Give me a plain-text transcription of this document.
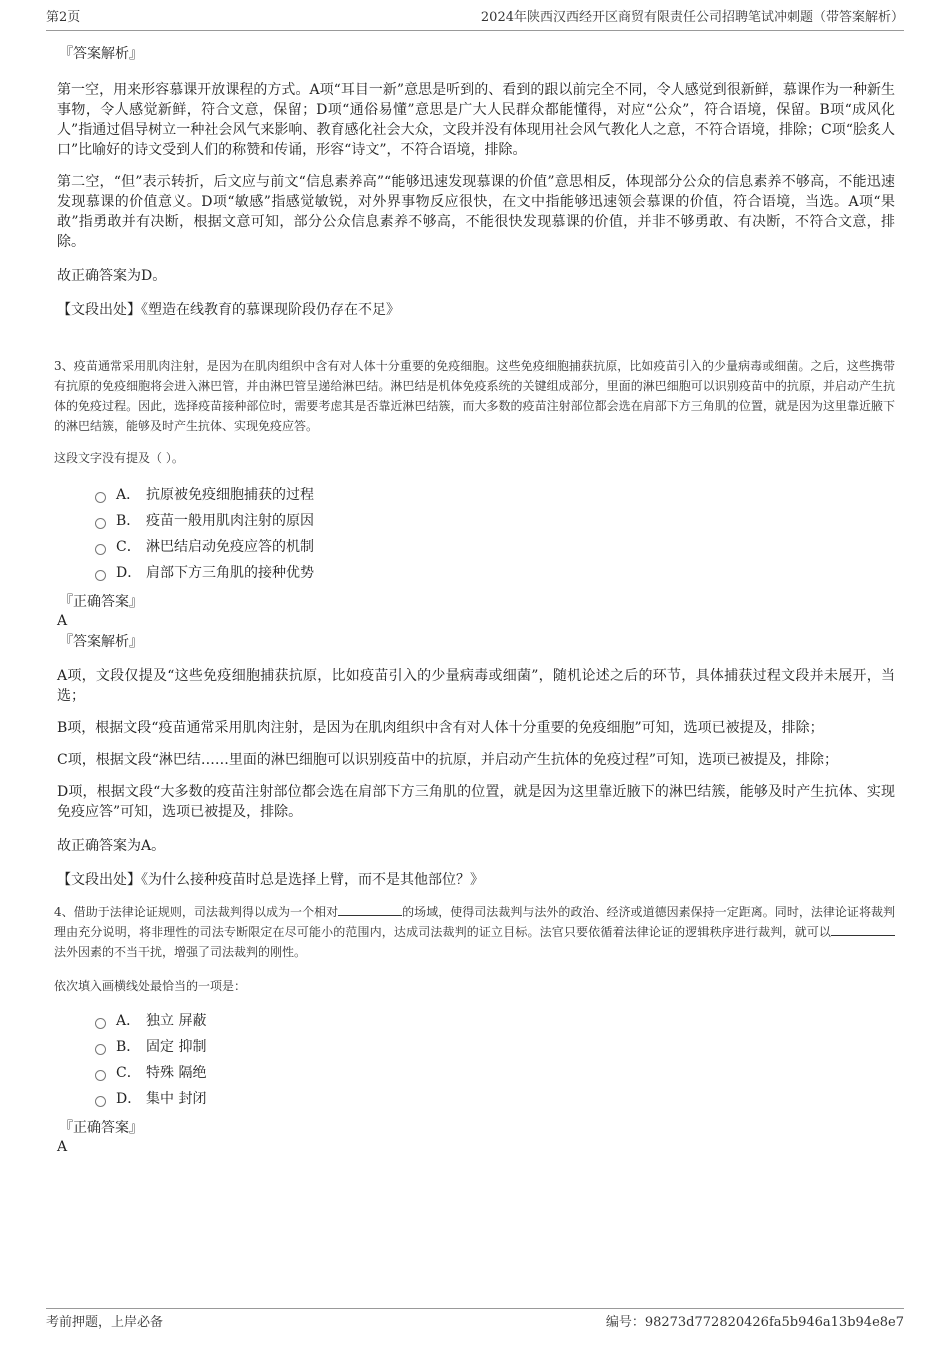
第2页	2024年陕西汉西经开区商贸有限责任公司招聘笔试冲刺题（带答案解析）
『答案解析』
第一空，用来形容慕课开放课程的方式。A项“耳目一新”意思是听到的、看到的跟以前完全不同，令人感觉到很新鲜，慕课作为一种新生事物，令人感觉新鲜，符合文意，保留；D项“通俗易懂”意思是广大人民群众都能懂得，对应“公众”，符合语境，保留。B项“成风化人”指通过倡导树立一种社会风气来影响、教育感化社会大众，文段并没有体现用社会风气教化人之意，不符合语境，排除；C项“脍炙人口”比喻好的诗文受到人们的称赞和传诵，形容“诗文”，不符合语境，排除。
第二空，“但”表示转折，后文应与前文“信息素养高”“能够迅速发现慕课的价值”意思相反，体现部分公众的信息素养不够高，不能迅速发现慕课的价值意义。D项“敏感”指感觉敏锐，对外界事物反应很快，在文中指能够迅速领会慕课的价值，符合语境，当选。A项“果敢”指勇敢并有决断，根据文意可知，部分公众信息素养不够高，不能很快发现慕课的价值，并非不够勇敢、有决断，不符合文意，排除。
故正确答案为D。
【文段出处】《塑造在线教育的慕课现阶段仍存在不足》
3、疫苗通常采用肌肉注射，是因为在肌肉组织中含有对人体十分重要的免疫细胞。这些免疫细胞捕获抗原，比如疫苗引入的少量病毒或细菌。之后，这些携带有抗原的免疫细胞将会进入淋巴管，并由淋巴管呈递给淋巴结。淋巴结是机体免疫系统的关键组成部分，里面的淋巴细胞可以识别疫苗中的抗原，并启动产生抗体的免疫过程。因此，选择疫苗接种部位时，需要考虑其是否靠近淋巴结簇，而大多数的疫苗注射部位都会选在肩部下方三角肌的位置，就是因为这里靠近腋下的淋巴结簇，能够及时产生抗体、实现免疫应答。
这段文字没有提及（ ）。
A． 抗原被免疫细胞捕获的过程
B． 疫苗一般用肌肉注射的原因
C． 淋巴结启动免疫应答的机制
D． 肩部下方三角肌的接种优势
『正确答案』
A
『答案解析』
A项，文段仅提及“这些免疫细胞捕获抗原，比如疫苗引入的少量病毒或细菌”，随机论述之后的环节，具体捕获过程文段并未展开，当选；
B项，根据文段“疫苗通常采用肌肉注射，是因为在肌肉组织中含有对人体十分重要的免疫细胞”可知，选项已被提及，排除；
C项，根据文段“淋巴结……里面的淋巴细胞可以识别疫苗中的抗原，并启动产生抗体的免疫过程”可知，选项已被提及，排除；
D项，根据文段“大多数的疫苗注射部位都会选在肩部下方三角肌的位置，就是因为这里靠近腋下的淋巴结簇，能够及时产生抗体、实现免疫应答”可知，选项已被提及，排除。
故正确答案为A。
【文段出处】《为什么接种疫苗时总是选择上臂，而不是其他部位？》
4、借助于法律论证规则，司法裁判得以成为一个相对	的场域，使得司法裁判与法外的政治、经济或道德因素保持一定距离。同时，法律论证将裁判理由充分说明，将非理性的司法专断限定在尽可能小的范围内，达成司法裁判的证立目标。法官只要依循着法律论证的逻辑秩序进行裁判，就可以法外因素的不当干扰，增强了司法裁判的刚性。
依次填入画横线处最恰当的一项是：
A． 独立 屏蔽
B． 固定 抑制
C． 特殊 隔绝
D． 集中 封闭
『正确答案』
A
考前押题，上岸必备	编号：98273d772820426fa5b946a13b94e8e7
